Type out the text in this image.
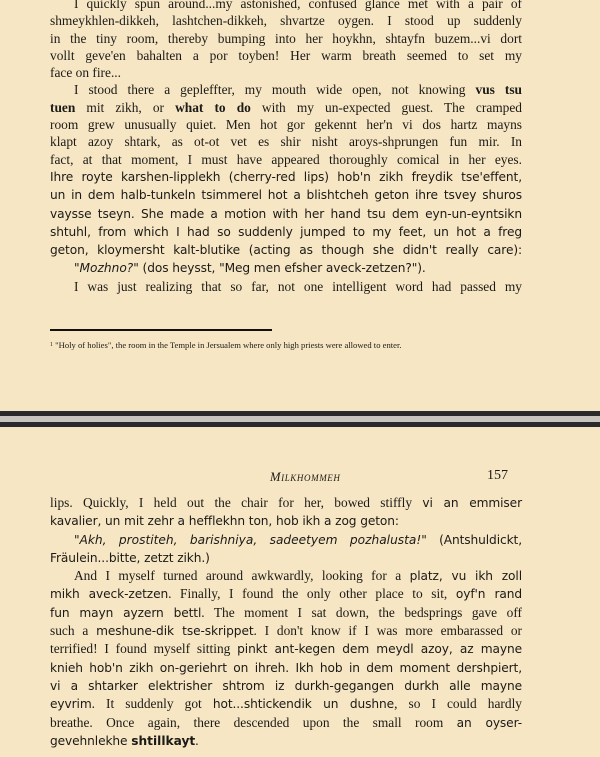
I quickly spun around...my astonished, confused glance met with a pair of
shmeykhlen-dikkeh, lashtchen-dikkeh, shvartze oygen. I stood up suddenly
in the tiny room, thereby bumping into her hoykhn, shtayfn buzem...vi dort
vollt geve'en bahalten a por toyben! Her warm breath seemed to set my
face on fire...
I stood there a gepleffter, my mouth wide open, not knowing vus tsu
tuen mit zikh, or what to do with my un-expected guest. The cramped
room grew unusually quiet. Men hot gor gekennt her'n vi dos hartz mayns
klapt azoy shtark, as ot-ot vet es shir nisht aroys-shprungen fun mir. In
fact, at that moment, I must have appeared thoroughly comical in her eyes.
Ihre royte karshen-lipplekh (cherry-red lips) hob'n zikh freydik tse'effent,
un in dem halb-tunkeln tsimmerel hot a blishtcheh geton ihre tsvey shuros
vaysse tseyn. She made a motion with her hand tsu dem eyn-un-eyntsikn
shtuhl, from which I had so suddenly jumped to my feet, un hot a freg
geton, kloymersht kalt-blutike (acting as though she didn't really care):
"Mozhno?" (dos heysst, "Meg men efsher aveck-zetzen?").
I was just realizing that so far, not one intelligent word had passed my
$^1$ "Holy of holies", the room in the Temple in Jersualem where only high priests were allowed to enter.
Milkhommeh	157
lips. Quickly, I held out the chair for her, bowed stiffly vi an emmiser
kavalier, un mit zehr a hefflekhn ton, hob ikh a zog geton:
"Akh, prostiteh, barishniya, sadeetyem pozhalusta!" (Antshuldickt,
Fräulein...bitte, zetzt zikh.)
And I myself turned around awkwardly, looking for a platz, vu ikh zoll
mikh aveck-zetzen. Finally, I found the only other place to sit, oyf'n rand
fun mayn ayzern bettl. The moment I sat down, the bedsprings gave off
such a meshune-dik tse-skrippet. I don't know if I was more embarassed or
terrified! I found myself sitting pinkt ant-kegen dem meydl azoy, az mayne
knieh hob'n zikh on-geriehrt on ihreh. Ikh hob in dem moment dershpiert,
vi a shtarker elektrisher shtrom iz durkh-gegangen durkh alle mayne
eyvrim. It suddenly got hot...shtickendik un dushne, so I could hardly
breathe. Once again, there descended upon the small room an oyser-
gevehnlekhe shtillkayt.
